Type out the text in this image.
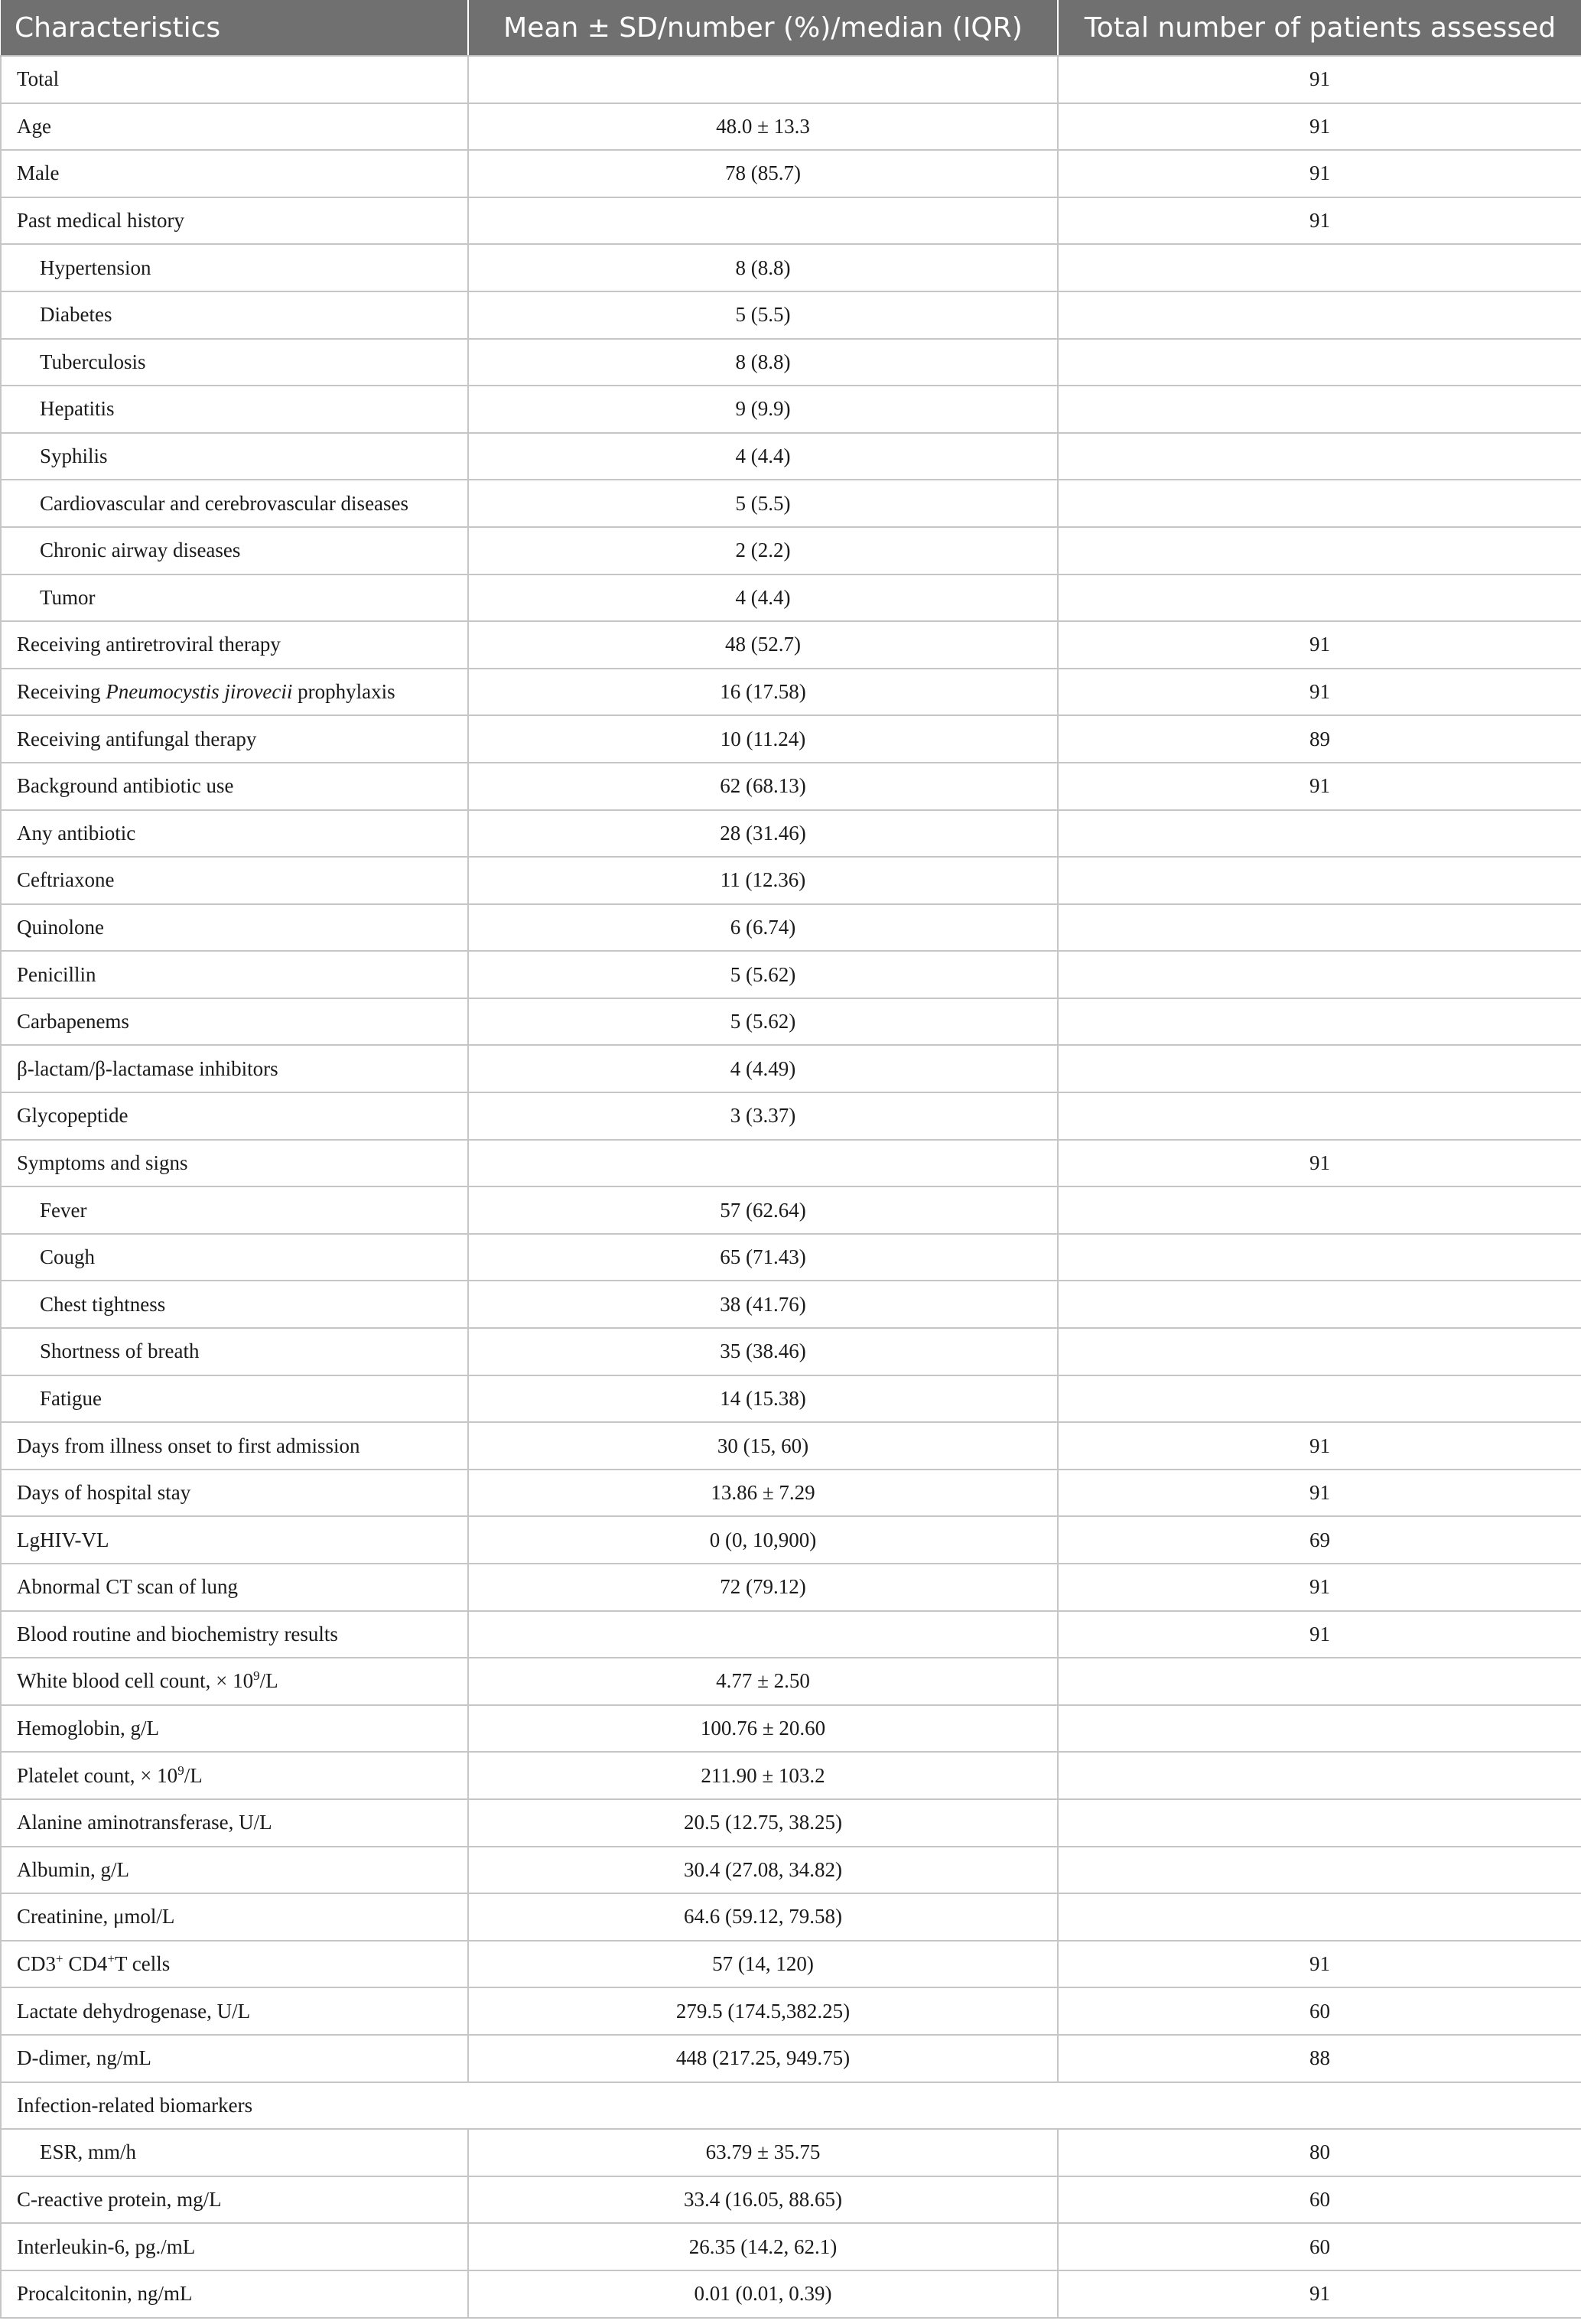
Characteristics	Mean ± SD/number (%)/median (IQR)	Total number of patients assessed
Total		91
Age	48.0 ± 13.3	91
Male	78 (85.7)	91
Past medical history		91
Hypertension	8 (8.8)	
Diabetes	5 (5.5)	
Tuberculosis	8 (8.8)	
Hepatitis	9 (9.9)	
Syphilis	4 (4.4)	
Cardiovascular and cerebrovascular diseases	5 (5.5)	
Chronic airway diseases	2 (2.2)	
Tumor	4 (4.4)	
Receiving antiretroviral therapy	48 (52.7)	91
Receiving Pneumocystis jirovecii prophylaxis	16 (17.58)	91
Receiving antifungal therapy	10 (11.24)	89
Background antibiotic use	62 (68.13)	91
Any antibiotic	28 (31.46)	
Ceftriaxone	11 (12.36)	
Quinolone	6 (6.74)	
Penicillin	5 (5.62)	
Carbapenems	5 (5.62)	
β-lactam/β-lactamase inhibitors	4 (4.49)	
Glycopeptide	3 (3.37)	
Symptoms and signs		91
Fever	57 (62.64)	
Cough	65 (71.43)	
Chest tightness	38 (41.76)	
Shortness of breath	35 (38.46)	
Fatigue	14 (15.38)	
Days from illness onset to first admission	30 (15, 60)	91
Days of hospital stay	13.86 ± 7.29	91
LgHIV-VL	0 (0, 10,900)	69
Abnormal CT scan of lung	72 (79.12)	91
Blood routine and biochemistry results		91
White blood cell count, × $10^9/L$	4.77 ± 2.50	
Hemoglobin, g/L	100.76 ± 20.60	
Platelet count, × $10^9/L$	211.90 ± 103.2	
Alanine aminotransferase, U/L	20.5 (12.75, 38.25)	
Albumin, g/L	30.4 (27.08, 34.82)	
Creatinine, μmol/L	64.6 (59.12, 79.58)	
CD3+ CD4+T cells	57 (14, 120)	91
Lactate dehydrogenase, U/L	279.5 (174.5,382.25)	60
D-dimer, ng/mL	448 (217.25, 949.75)	88
Infection-related biomarkers		
ESR, mm/h	63.79 ± 35.75	80
C-reactive protein, mg/L	33.4 (16.05, 88.65)	60
Interleukin-6, pg./mL	26.35 (14.2, 62.1)	60
Procalcitonin, ng/mL	0.01 (0.01, 0.39)	91
